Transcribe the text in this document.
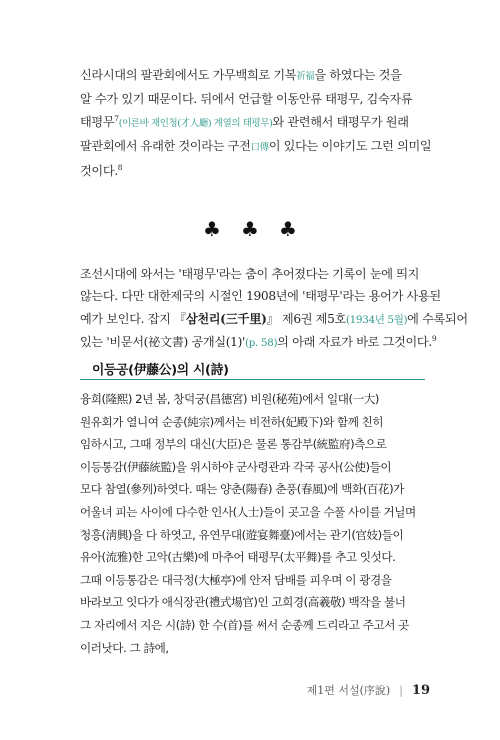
신라시대의 팔관회에서도 가무백희로 기복祈福을 하였다는 것을
알 수가 있기 때문이다. 뒤에서 언급할 이동안류 태평무, 김숙자류
태평무$^7$(이른바 재인청(才人廳) 계열의 태평무)와 관련해서 태평무가 원래
팔관회에서 유래한 것이라는 구전口傳이 있다는 이야기도 그런 의미일
것이다.$^8$

♣ ♣ ♣

조선시대에 와서는 '태평무'라는 춤이 추어졌다는 기록이 눈에 띄지
않는다. 다만 대한제국의 시절인 1908년에 '태평무'라는 용어가 사용된
예가 보인다. 잡지 『삼천리(三千里)』 제6권 제5호(1934년 5월)에 수록되어
있는 '비문서(祕文書) 공개실(1)'(p. 58)의 아래 자료가 바로 그것이다.$^9$

이등공(伊藤公)의 시(詩)
융희(隆熙) 2년 봄, 창덕궁(昌德宮) 비원(秘苑)에서 일대(一大)
원유회가 열니여 순종(純宗)께서는 비전하(妃殿下)와 함께 친히
임하시고, 그때 정부의 대신(大臣)은 물론 통감부(統監府)측으로
이등통감(伊藤統監)을 위시하야 군사령관과 각국 공사(公使)들이
모다 참열(參列)하엿다. 때는 양춘(陽春) 춘풍(春風)에 백화(百花)가
어울녀 피는 사이에 다수한 인사(人士)들이 곳고을 수풀 사이를 거닐며
청흥(淸興)을 다 하엿고, 유연무대(遊宴舞臺)에서는 관기(官妓)들이
유아(流雅)한 고악(古樂)에 마추어 태평무(太平舞)를 추고 잇섯다.
그때 이등통감은 대극정(大極亭)에 안저 담배를 피우며 이 광경을
바라보고 잇다가 애식장관(禮式場官)인 고희경(高羲敬) 백작을 불너
그 자리에서 지은 시(詩) 한 수(首)를 써서 순종께 드리라고 주고서 곳
이러낫다. 그 詩에,
제1편 서설(序說) | 19
